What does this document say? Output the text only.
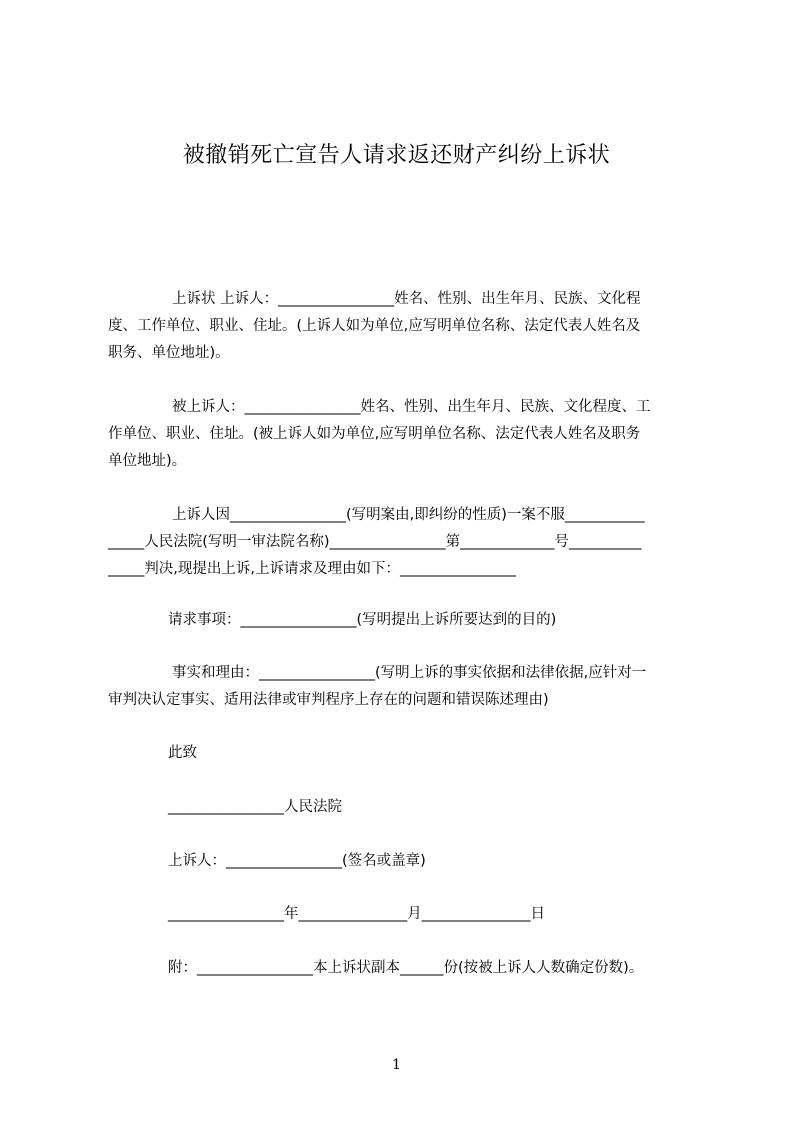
被撤销死亡宣告人请求返还财产纠纷上诉状
上诉状 上诉人：________________姓名、性别、出生年月、民族、文化程
度、工作单位、职业、住址。(上诉人如为单位,应写明单位名称、法定代表人姓名及
职务、单位地址)。
被上诉人：________________姓名、性别、出生年月、民族、文化程度、工
作单位、职业、住址。(被上诉人如为单位,应写明单位名称、法定代表人姓名及职务
单位地址)。
上诉人因________________(写明案由,即纠纷的性质)一案不服___________
_____人民法院(写明一审法院名称)________________第_____________号__________
_____判决,现提出上诉,上诉请求及理由如下：________________
请求事项：________________(写明提出上诉所要达到的目的)
事实和理由：________________(写明上诉的事实依据和法律依据,应针对一
审判决认定事实、适用法律或审判程序上存在的问题和错误陈述理由)
此致
________________人民法院
上诉人：________________(签名或盖章)
________________年_______________月_______________日
附：________________本上诉状副本______份(按被上诉人人数确定份数)。
1
